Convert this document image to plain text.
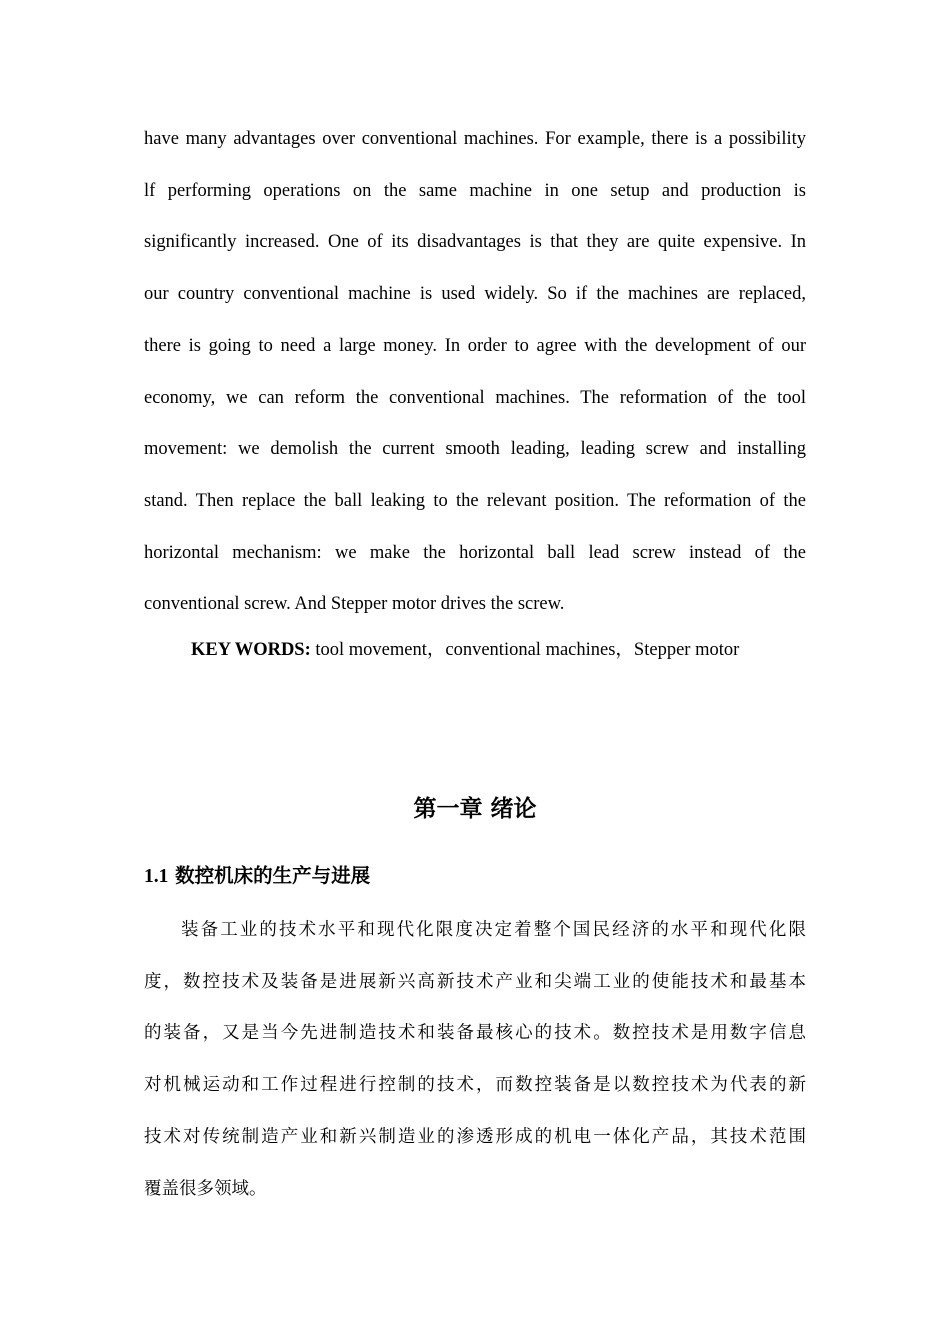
have many advantages over conventional machines. For example, there is a possibility

lf performing operations on the same machine in one setup and production is

significantly increased. One of its disadvantages is that they are quite expensive. In

our country conventional machine is used widely. So if the machines are replaced,

there is going to need a large money. In order to agree with the development of our

economy, we can reform the conventional machines. The reformation of the tool

movement: we demolish the current smooth leading, leading screw and installing

stand. Then replace the ball leaking to the relevant position. The reformation of the

horizontal mechanism: we make the horizontal ball lead screw instead of the

conventional screw. And Stepper motor drives the screw.

KEY WORDS: tool movement，conventional machines，Stepper motor
第一章 绪论
1.1 数控机床的生产与进展

装备工业的技术水平和现代化限度决定着整个国民经济的水平和现代化限

度，数控技术及装备是进展新兴高新技术产业和尖端工业的使能技术和最基本

的装备，又是当今先进制造技术和装备最核心的技术。数控技术是用数字信息

对机械运动和工作过程进行控制的技术，而数控装备是以数控技术为代表的新

技术对传统制造产业和新兴制造业的渗透形成的机电一体化产品，其技术范围

覆盖很多领域。
